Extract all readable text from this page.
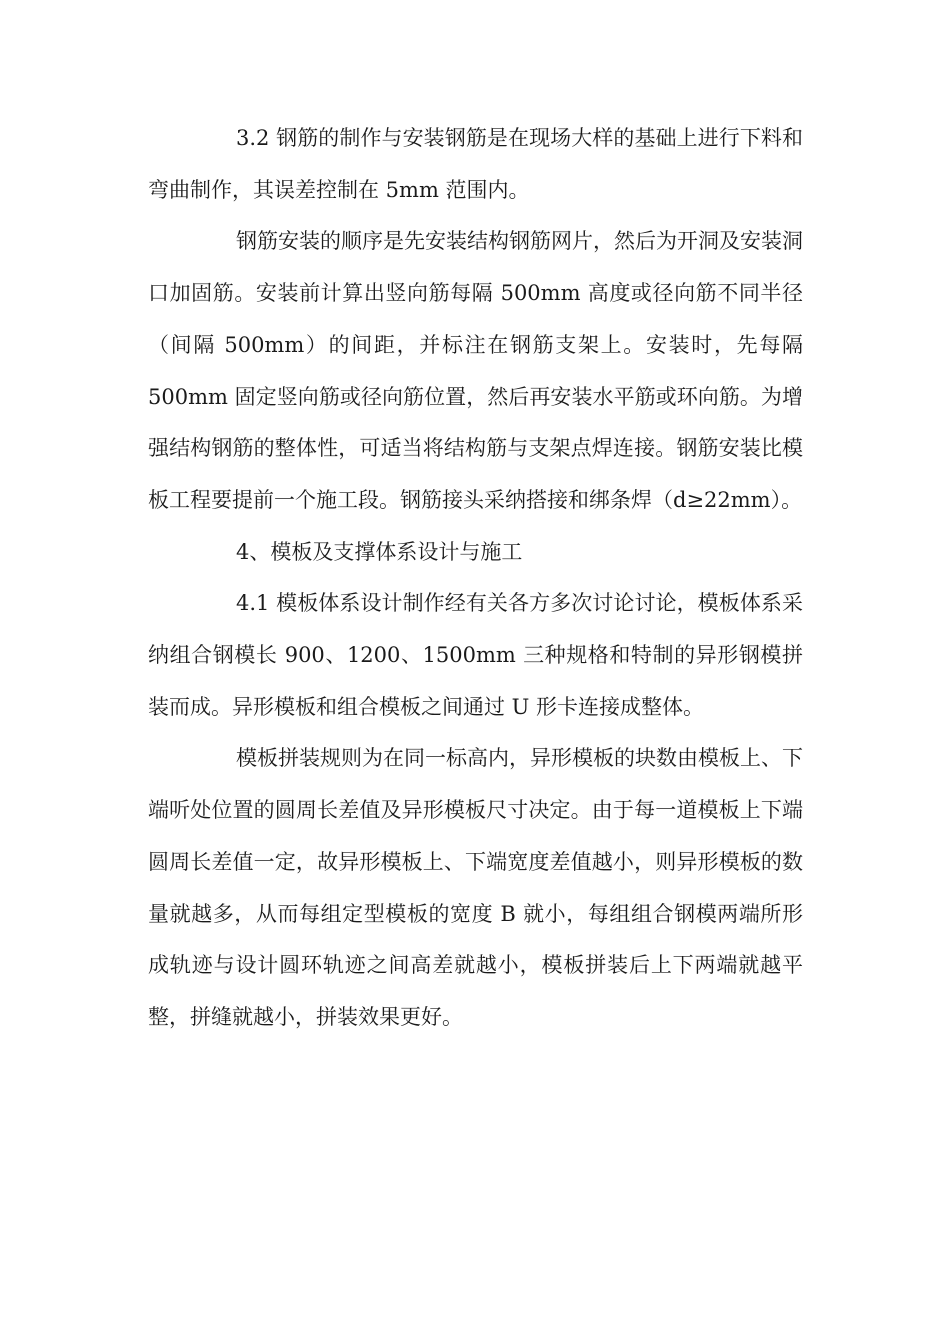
3.2 钢筋的制作与安装钢筋是在现场大样的基础上进行下料和弯曲制作，其误差控制在 5mm 范围内。

钢筋安装的顺序是先安装结构钢筋网片，然后为开洞及安装洞口加固筋。安装前计算出竖向筋每隔 500mm 高度或径向筋不同半径（间隔 500mm）的间距，并标注在钢筋支架上。安装时，先每隔 500mm 固定竖向筋或径向筋位置，然后再安装水平筋或环向筋。为增强结构钢筋的整体性，可适当将结构筋与支架点焊连接。钢筋安装比模板工程要提前一个施工段。钢筋接头采纳搭接和绑条焊（d≥22mm）。

4、模板及支撑体系设计与施工

4.1 模板体系设计制作经有关各方多次讨论讨论，模板体系采纳组合钢模长 900、1200、1500mm 三种规格和特制的异形钢模拼装而成。异形模板和组合模板之间通过 U 形卡连接成整体。

模板拼装规则为在同一标高内，异形模板的块数由模板上、下端听处位置的圆周长差值及异形模板尺寸决定。由于每一道模板上下端圆周长差值一定，故异形模板上、下端宽度差值越小，则异形模板的数量就越多，从而每组定型模板的宽度 B 就小，每组组合钢模两端所形成轨迹与设计圆环轨迹之间高差就越小，模板拼装后上下两端就越平整，拼缝就越小，拼装效果更好。
